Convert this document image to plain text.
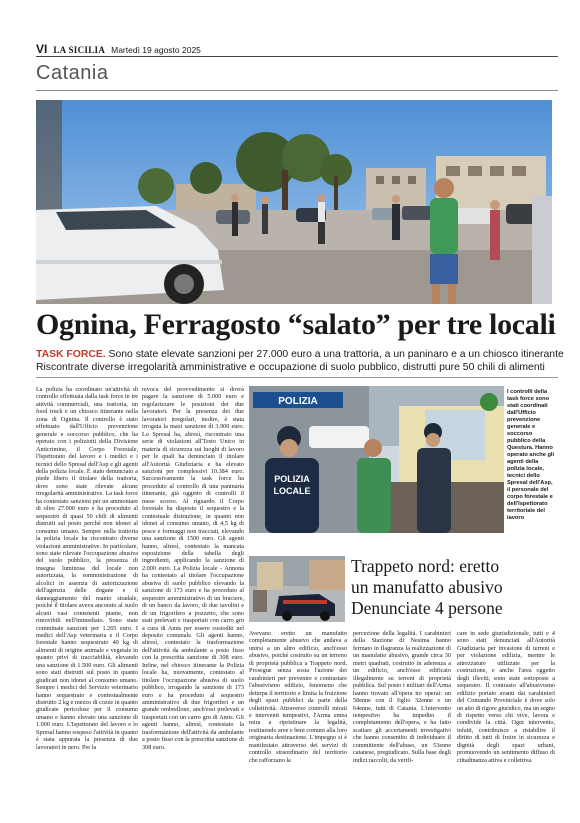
VI LA SICILIA Martedì 19 agosto 2025
Catania
Ognina, Ferragosto “salato” per tre locali
TASK FORCE. Sono state elevate sanzioni per 27.000 euro a una trattoria, a un paninaro e a un chiosco itinerante
Riscontrate diverse irregolarità amministrative e occupazione di suolo pubblico, distrutti pure 50 chili di alimenti
La polizia ha coordinato un'attività di controllo effettuata dalla task force in tre attività commerciali, una trattoria, un food truck e un chiosco itinerante nella zona di Ognina. Il controllo è stato effettuato dall'Ufficio prevenzione generale e soccorso pubblico, che ha operato con i poliziotti della Divisione Anticrimine, il Corpo Forestale, l'Ispettorato del lavoro e i medici e i tecnici dello Spresal dell'Asp e gli agenti della polizia locale. È stato denunciato a piede libero il titolare della trattoria, dove sono state rilevate alcune irregolarità amministrative. La task force ha contestato sanzioni per un ammontare di oltre 27.000 euro e ha proceduto al sequestro di quasi 50 chili di alimenti distrutti sul posto perché non idonei al consumo umano. Sempre nella trattoria la polizia locale ha riscontrato diverse violazioni amministrative. In particolare, sono state rilevate l'occupazione abusiva del suolo pubblico, la presenza di insegna luminosa del locale non autorizzata, la somministrazione di alcolici in assenza di autorizzazione dell'agenzia delle dogane e il danneggiamento del manto stradale, poiché il titolare aveva ancorato al suolo alcuni vasi contenenti piante, non rimovibili nell'immediato. Sono state comminate sanzioni per 1.265 euro. I medici dell'Asp veterinaria e il Corpo forestale hanno sequestrato 40 kg di alimenti di origine animale e vegetale in quanto privi di tracciabilità, elevando una sanzione di 1.500 euro. Gli alimenti sono stati distrutti sul posto in quanto giudicati non idonei al consumo umano. Sempre i medici del Servizio veterinario hanno sequestrato e contestualmente distrutto 2 kg e mezzo di cozze in quanto giudicate pericolose per il consumo umano e hanno elevato una sanzione di 1.000 euro. L'Ispettorato del lavoro e lo Spresal hanno sospeso l'attività in quanto è stata appurata la presenza di due lavoratori in nero. Per la
revoca del provvedimento si dovrà pagare la sanzione di 5.000 euro e regolarizzare le posizioni dei due lavoratori. Per la presenza dei due lavoratori irregolari, inoltre, è stata irrogata la maxi sanzione di 3.900 euro. Lo Spresal ha, altresì, riscontrato una serie di violazioni all'Testo Unico in materia di sicurezza sui luoghi di lavoro per le quali ha denunciato il titolare all'Autorità Giudiziaria e ha elevato sanzioni per complessivi 10.384 euro. Successivamente la task force ha proceduto al controllo di una paninaria itinerante, già oggetto di controlli il mese scorso. Al riguardo il Corpo forestale ha disposto il sequestro e la contestuale distruzione, in quanto non idonei al consumo umano, di 4,5 kg di pesce e formaggi non tracciati, elevando una sanzione di 1500 euro. Gli agenti hanno, altresì, contestato la mancata esposizione della tabella degli ingredienti, applicando la sanzione di 2.000 euro. La Polizia locale - Annona ha contestato al titolare l'occupazione abusiva di suolo pubblico elevando la sanzione di 173 euro e ha proceduto al sequestro amministrativo di un braciere, di un banco da lavoro, di due tavolini e di un frigorifero a pozzetto, che sono stati prelevati e trasportati con carro gru a cura di Amts per essere custoditi nel deposito comunale. Gli agenti hanno, altresì, contestato la trasformazione dell'attività da ambulante a posto fisso con la prescritta sanzione di 308 euro. Infine, nel chiosco itinerante la Polizia locale ha, nuovamente, contestato al titolare l'occupazione abusiva di suolo pubblico, irrogando la sanzione di 173 euro e ha proceduto al sequestro amministrativo di due frigoriferi e un grande ombrellone, anch'essi prelevati e trasportati con un carro gru di Amts. Gli agenti hanno, altresì, contestato la trasformazione dell'attività da ambulante a posto fisso con la prescritta sanzione di 308 euro.
POLIZIA
POLIZIA
LOCALE
I controlli della task force sono stati coordinati dall'Ufficio prevenzione generale e soccorso pubblico della Questura. Hanno operato anche gli agenti della polizia locale, tecnici dello Spresal dell'Asp, il personale del corpo forestale e dell'Ispettorato territoriale del lavoro
Trappeto nord: eretto
un manufatto abusivo
Denunciate 4 persone
Avevano eretto un manufatto completamente abusivo che andava a unirsi a un altro edificio, anch'esso abusivo, poiché costruito su un terreno di proprietà pubblica a Trappeto nord. Prosegue senza sosta l'azione dei carabinieri per prevenire e contrastare l'abusivismo edilizio, fenomeno che deturpa il territorio e limita la fruizione degli spazi pubblici da parte della collettività. Attraverso controlli mirati e interventi tempestivi, l'Arma emea mira a ripristinare la legalità, restituendo aree e beni comuni alla loro originaria destinazione. L'impegno si è manifestato attraverso dei servizi di controllo straordinario del territorio che rafforzano la
percezione della legalità. I carabinieri della Stazione di Nesima hanno fermato in flagranza la realizzazione di un manufatto abusivo, grande circa 30 metri quadrati, costruito in aderenza a un edificio, anch'esso edificato illegalmente su terreni di proprietà pubblica. Sul posto i militari dell'Arma hanno trovato all'opera tre operai: un 58enne con il figlio 32enne e un 64enne, tutti di Catania. L'intervento tempestivo ha impedito il completamento dell'opera, e ha fatto scattare gli accertamenti investigativi che hanno consentito di individuare il committente dell'abuso, un 53enne catanese, pregiudicato. Sulla base degli indizi raccolti, da verifi-
care in sede giurisdizionale, tutti e 4 sono stati denunciati all'Autorità Giudiziaria per invasione di terreni e per violazione edilizia, mentre le attrezzature utilizzate per la costruzione, e anche l'area oggetto degli illeciti, sono state sottoposte a sequestro. Il contrasto all'abusivismo edilizio portato avanti dai carabinieri del Comando Provinciale è dove solo un atto di rigore giuridico, ma un segno di rispetto verso chi vive, lavora e condivide la città. Ogni intervento, infatti, contribuisce a ristabilire il diritto di tutti di fruire in sicurezza e dignità degli spazi urbani, promuovendo un sentimento diffuso di cittadinanza attiva e collettiva.
